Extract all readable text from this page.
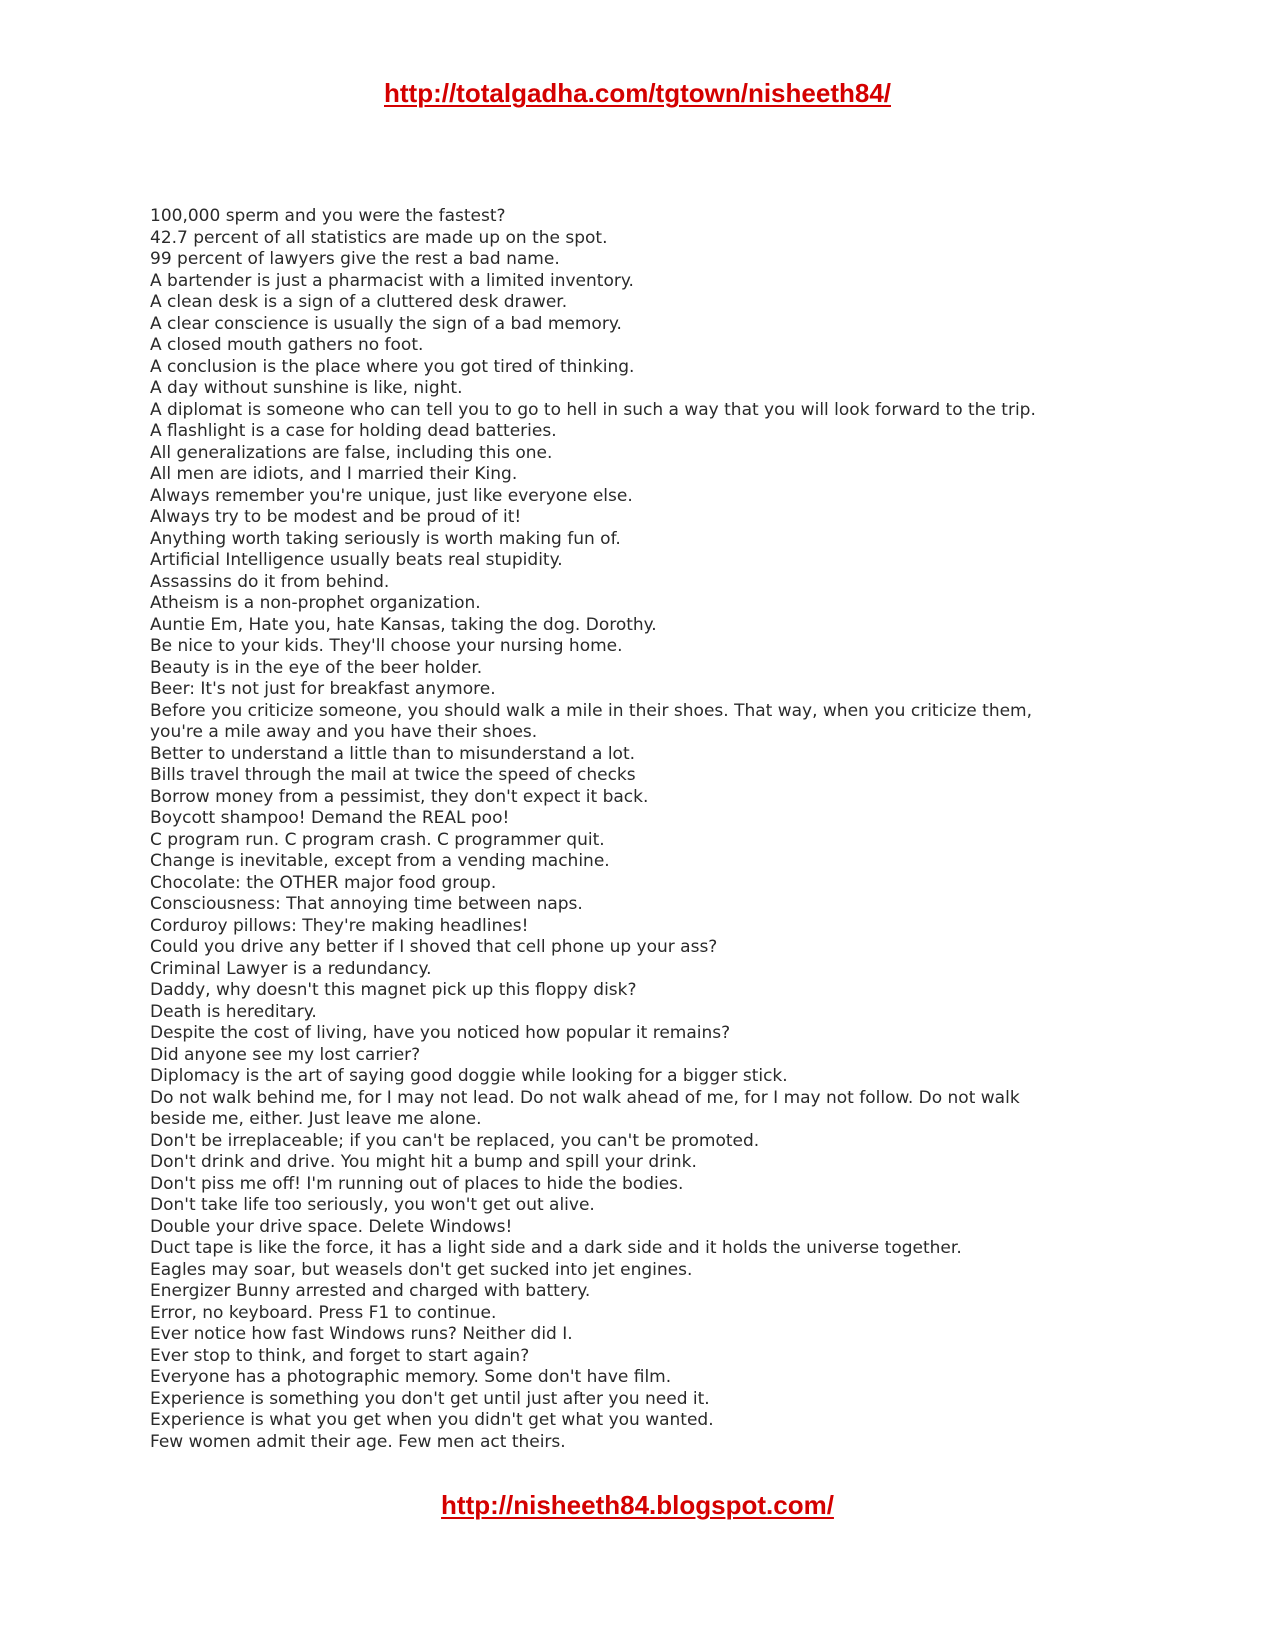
http://totalgadha.com/tgtown/nisheeth84/
100,000 sperm and you were the fastest?
42.7 percent of all statistics are made up on the spot.
99 percent of lawyers give the rest a bad name.
A bartender is just a pharmacist with a limited inventory.
A clean desk is a sign of a cluttered desk drawer.
A clear conscience is usually the sign of a bad memory.
A closed mouth gathers no foot.
A conclusion is the place where you got tired of thinking.
A day without sunshine is like, night.
A diplomat is someone who can tell you to go to hell in such a way that you will look forward to the trip.
A flashlight is a case for holding dead batteries.
All generalizations are false, including this one.
All men are idiots, and I married their King.
Always remember you're unique, just like everyone else.
Always try to be modest and be proud of it!
Anything worth taking seriously is worth making fun of.
Artificial Intelligence usually beats real stupidity.
Assassins do it from behind.
Atheism is a non-prophet organization.
Auntie Em, Hate you, hate Kansas, taking the dog. Dorothy.
Be nice to your kids. They'll choose your nursing home.
Beauty is in the eye of the beer holder.
Beer: It's not just for breakfast anymore.
Before you criticize someone, you should walk a mile in their shoes. That way, when you criticize them, you're a mile away and you have their shoes.
Better to understand a little than to misunderstand a lot.
Bills travel through the mail at twice the speed of checks
Borrow money from a pessimist, they don't expect it back.
Boycott shampoo! Demand the REAL poo!
C program run. C program crash. C programmer quit.
Change is inevitable, except from a vending machine.
Chocolate: the OTHER major food group.
Consciousness: That annoying time between naps.
Corduroy pillows: They're making headlines!
Could you drive any better if I shoved that cell phone up your ass?
Criminal Lawyer is a redundancy.
Daddy, why doesn't this magnet pick up this floppy disk?
Death is hereditary.
Despite the cost of living, have you noticed how popular it remains?
Did anyone see my lost carrier?
Diplomacy is the art of saying good doggie while looking for a bigger stick.
Do not walk behind me, for I may not lead. Do not walk ahead of me, for I may not follow. Do not walk beside me, either. Just leave me alone.
Don't be irreplaceable; if you can't be replaced, you can't be promoted.
Don't drink and drive. You might hit a bump and spill your drink.
Don't piss me off! I'm running out of places to hide the bodies.
Don't take life too seriously, you won't get out alive.
Double your drive space. Delete Windows!
Duct tape is like the force, it has a light side and a dark side and it holds the universe together.
Eagles may soar, but weasels don't get sucked into jet engines.
Energizer Bunny arrested and charged with battery.
Error, no keyboard. Press F1 to continue.
Ever notice how fast Windows runs? Neither did I.
Ever stop to think, and forget to start again?
Everyone has a photographic memory. Some don't have film.
Experience is something you don't get until just after you need it.
Experience is what you get when you didn't get what you wanted.
Few women admit their age. Few men act theirs.
http://nisheeth84.blogspot.com/
